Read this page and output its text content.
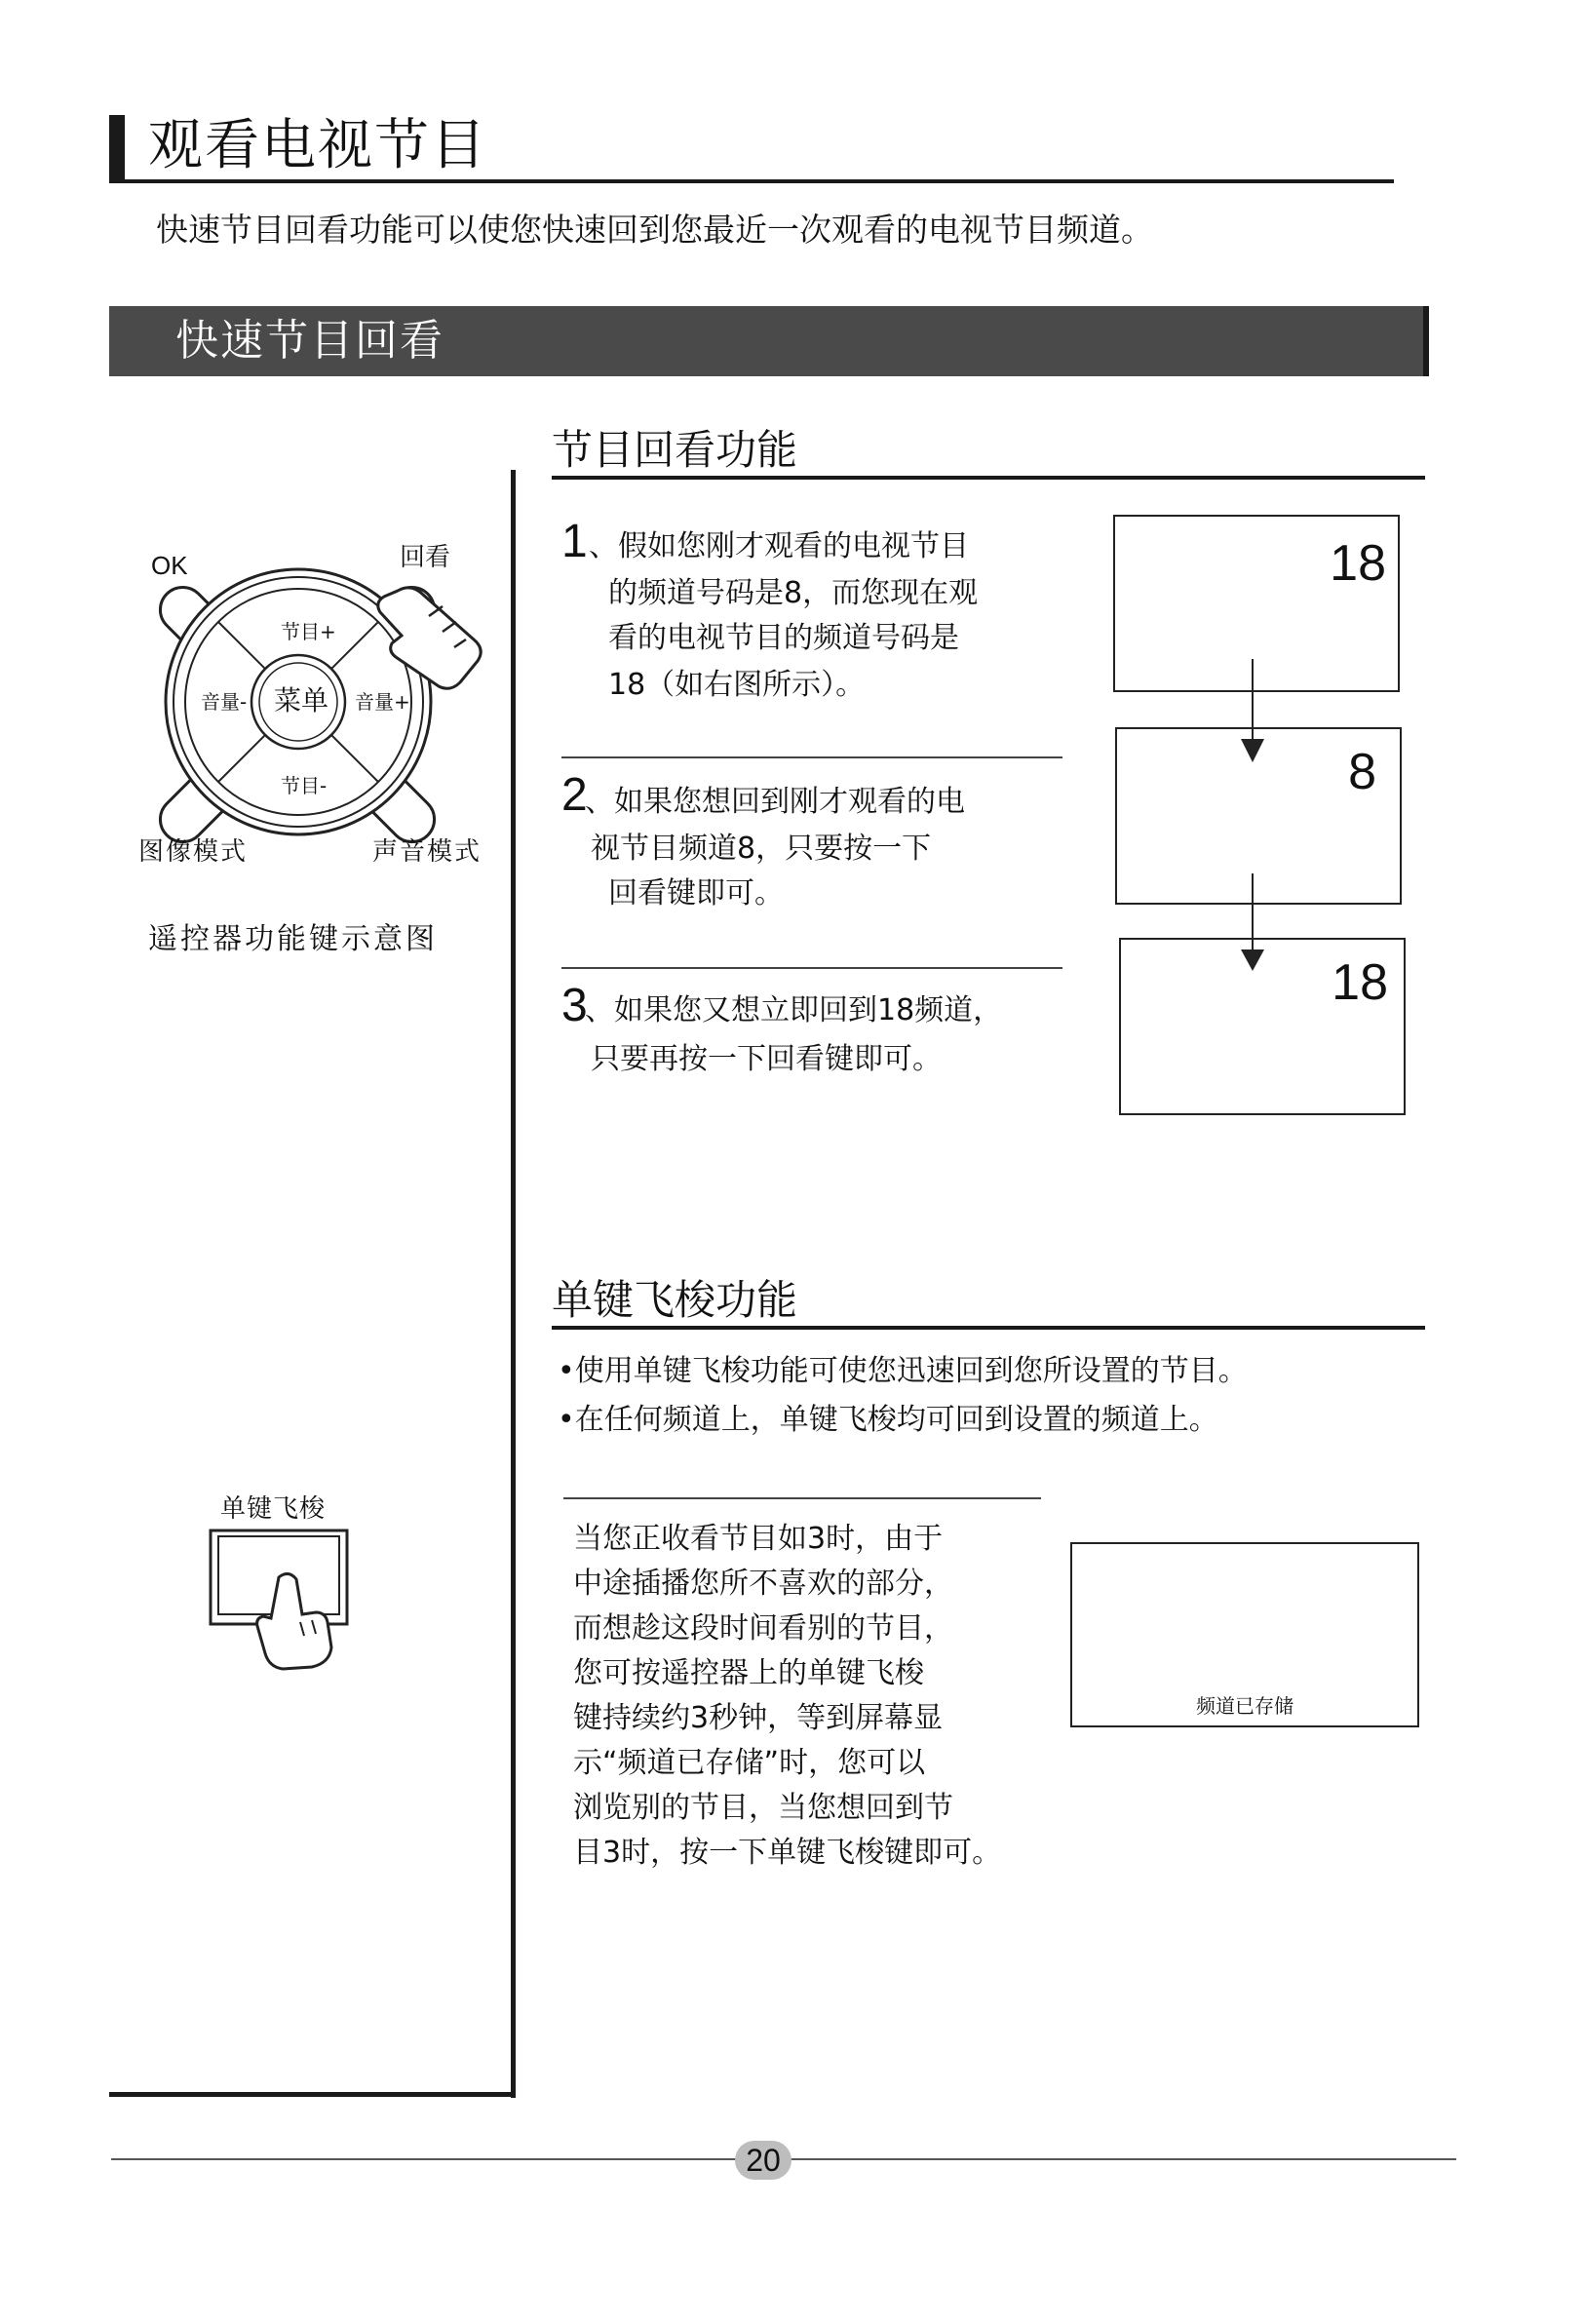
观看电视节目
快速节目回看功能可以使您快速回到您最近一次观看的电视节目频道。
快速节目回看
OK	回看
节目+
节目-
音量-	音量+
菜单
图像模式	声音模式
遥控器功能键示意图
节目回看功能
1 、假如您刚才观看的电视节目
的频道号码是8，而您现在观
看的电视节目的频道号码是
18（如右图所示）。
2
、如果您想回到刚才观看的电
视节目频道8，只要按一下
回看键即可。
3
、如果您又想立即回到18频道，
只要再按一下回看键即可。
18
8
18
单键飞梭功能
•使用单键飞梭功能可使您迅速回到您所设置的节目。
•在任何频道上，单键飞梭均可回到设置的频道上。
当您正收看节目如3时，由于
中途插播您所不喜欢的部分，
而想趁这段时间看别的节目，
您可按遥控器上的单键飞梭
键持续约3秒钟，等到屏幕显
示“频道已存储”时，您可以
浏览别的节目，当您想回到节
目3时，按一下单键飞梭键即可。
频道已存储
单键飞梭
20
